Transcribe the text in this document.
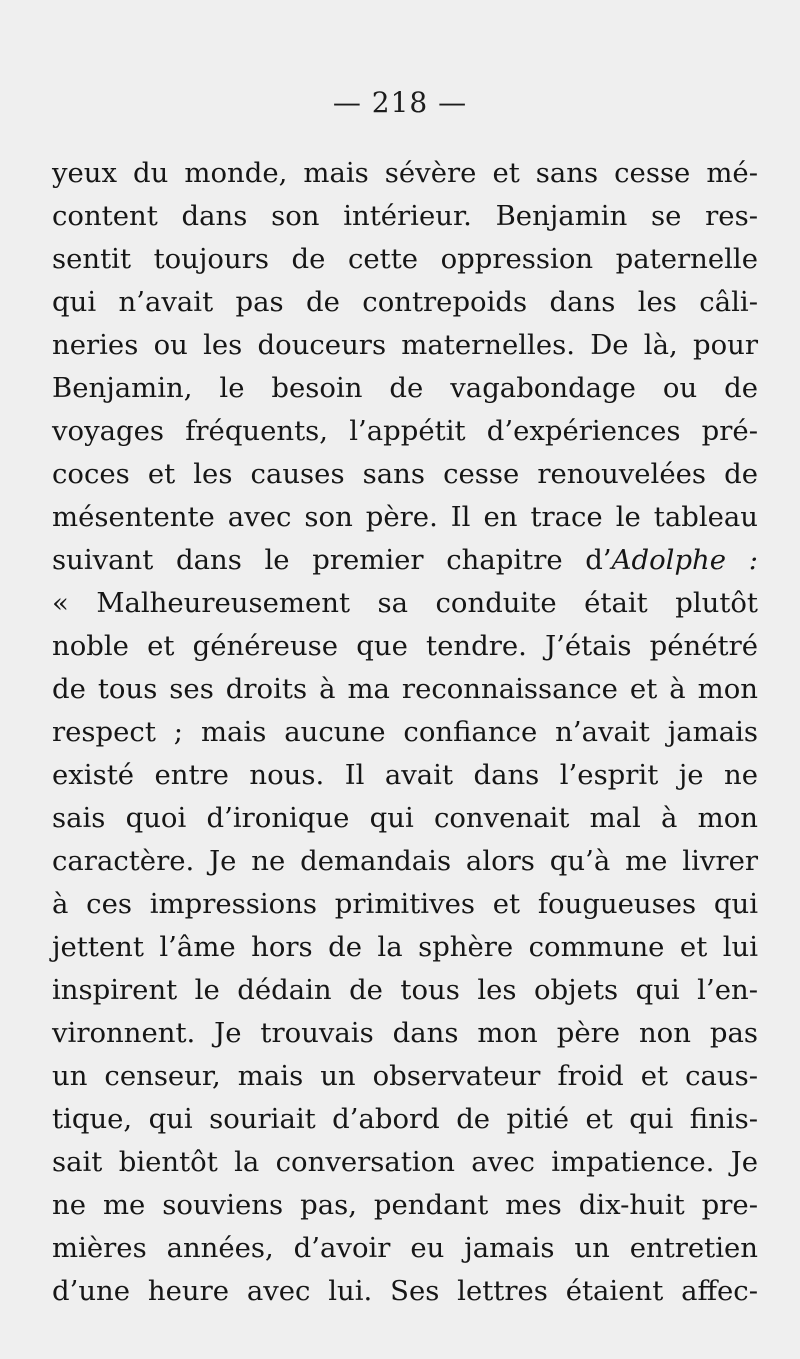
— 218 —
yeux du monde, mais sévère et sans cesse mé-
content dans son intérieur. Benjamin se res-
sentit toujours de cette oppression paternelle
qui n’avait pas de contrepoids dans les câli-
neries ou les douceurs maternelles. De là, pour
Benjamin, le besoin de vagabondage ou de
voyages fréquents, l’appétit d’expériences pré-
coces et les causes sans cesse renouvelées de
mésentente avec son père. Il en trace le tableau
suivant dans le premier chapitre d’Adolphe :
« Malheureusement sa conduite était plutôt
noble et généreuse que tendre. J’étais pénétré
de tous ses droits à ma reconnaissance et à mon
respect ; mais aucune confiance n’avait jamais
existé entre nous. Il avait dans l’esprit je ne
sais quoi d’ironique qui convenait mal à mon
caractère. Je ne demandais alors qu’à me livrer
à ces impressions primitives et fougueuses qui
jettent l’âme hors de la sphère commune et lui
inspirent le dédain de tous les objets qui l’en-
vironnent. Je trouvais dans mon père non pas
un censeur, mais un observateur froid et caus-
tique, qui souriait d’abord de pitié et qui finis-
sait bientôt la conversation avec impatience. Je
ne me souviens pas, pendant mes dix-huit pre-
mières années, d’avoir eu jamais un entretien
d’une heure avec lui. Ses lettres étaient affec-
